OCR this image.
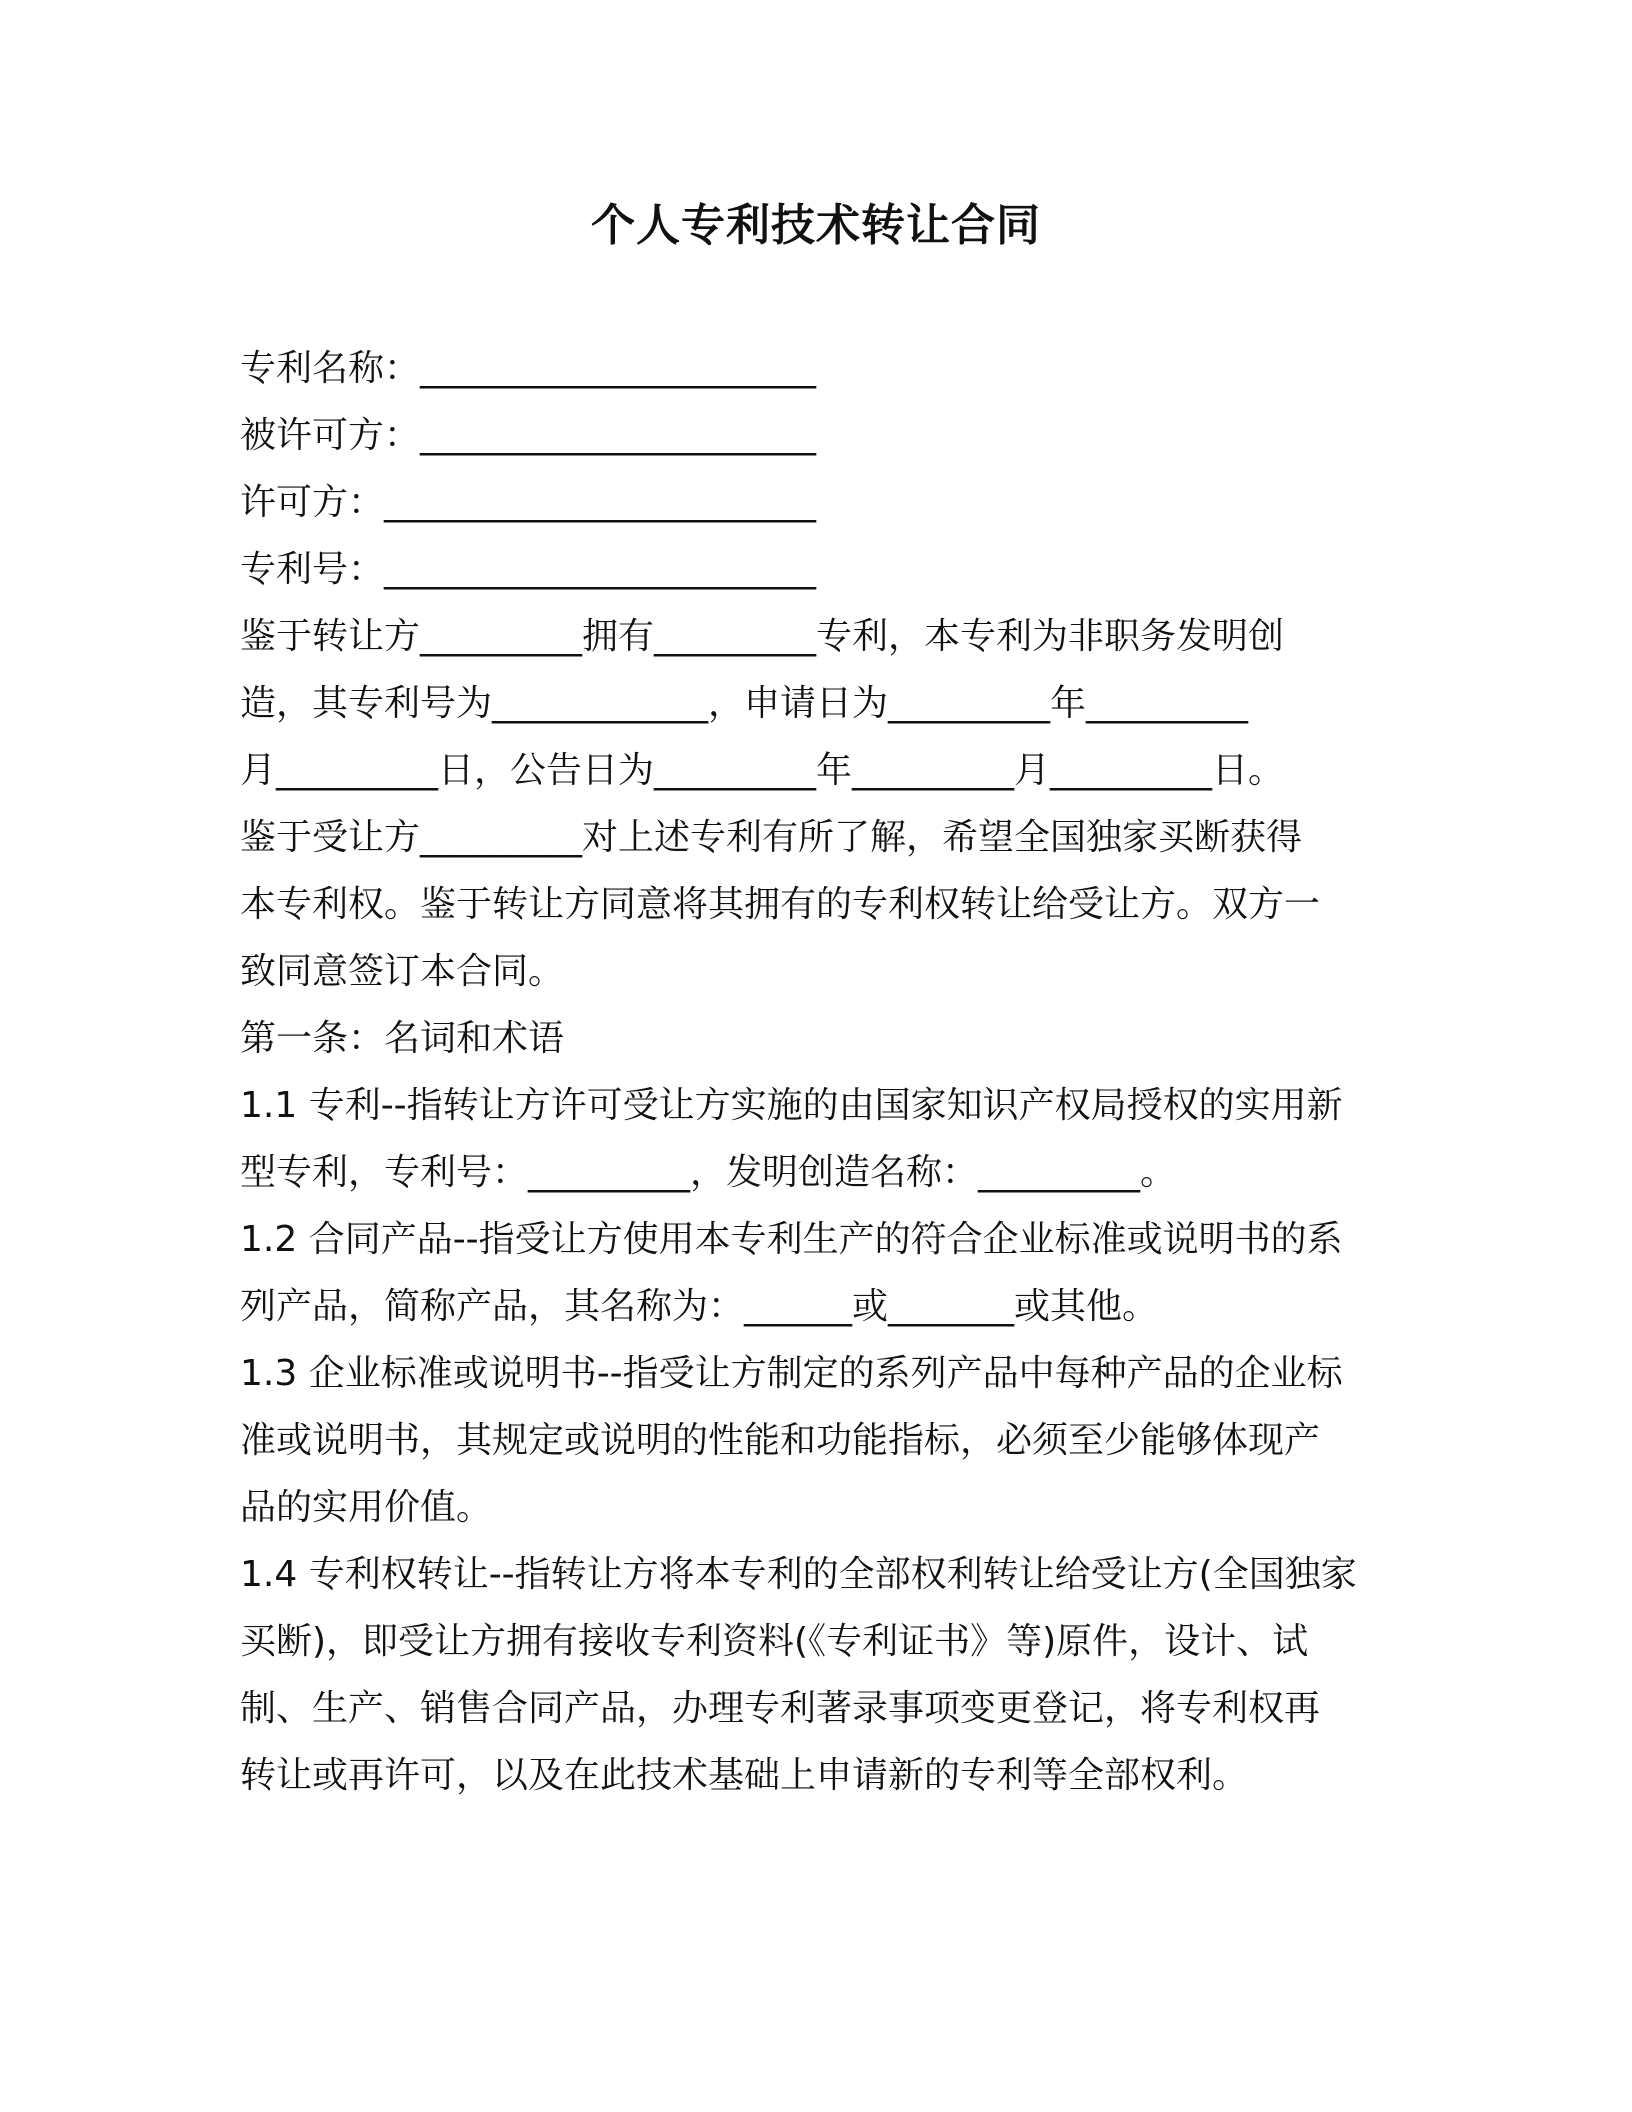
个人专利技术转让合同
专利名称：______________________
被许可方：______________________
许可方：________________________
专利号：________________________
鉴于转让方_________拥有_________专利，本专利为非职务发明创
造，其专利号为____________，申请日为_________年_________
月_________日，公告日为_________年_________月_________日。
鉴于受让方_________对上述专利有所了解，希望全国独家买断获得
本专利权。鉴于转让方同意将其拥有的专利权转让给受让方。双方一
致同意签订本合同。
第一条：名词和术语
1.1 专利--指转让方许可受让方实施的由国家知识产权局授权的实用新
型专利，专利号：_________，发明创造名称：_________。
1.2 合同产品--指受让方使用本专利生产的符合企业标准或说明书的系
列产品，简称产品，其名称为：______或_______或其他。
1.3 企业标准或说明书--指受让方制定的系列产品中每种产品的企业标
准或说明书，其规定或说明的性能和功能指标，必须至少能够体现产
品的实用价值。
1.4 专利权转让--指转让方将本专利的全部权利转让给受让方(全国独家
买断)，即受让方拥有接收专利资料(《专利证书》等)原件，设计、试
制、生产、销售合同产品，办理专利著录事项变更登记，将专利权再
转让或再许可，以及在此技术基础上申请新的专利等全部权利。
